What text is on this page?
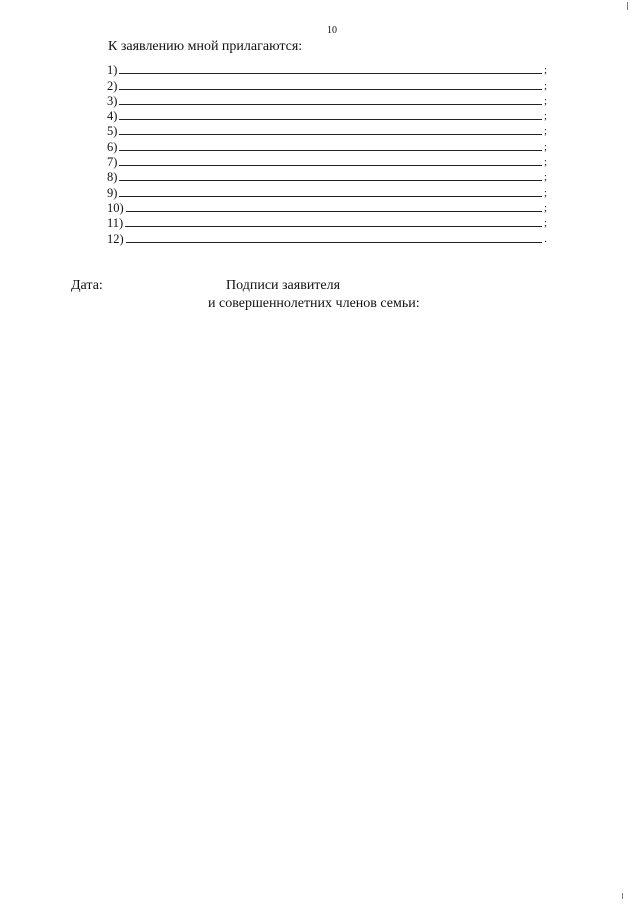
10
К заявлению мной прилагаются:
1)	;
2)	;
3)	;
4)	;
5)	;
6)	;
7)	;
8)	;
9)	;
10)	;
11)	;
12)	.
Дата:	Подписи заявителя
и совершеннолетних членов семьи:
